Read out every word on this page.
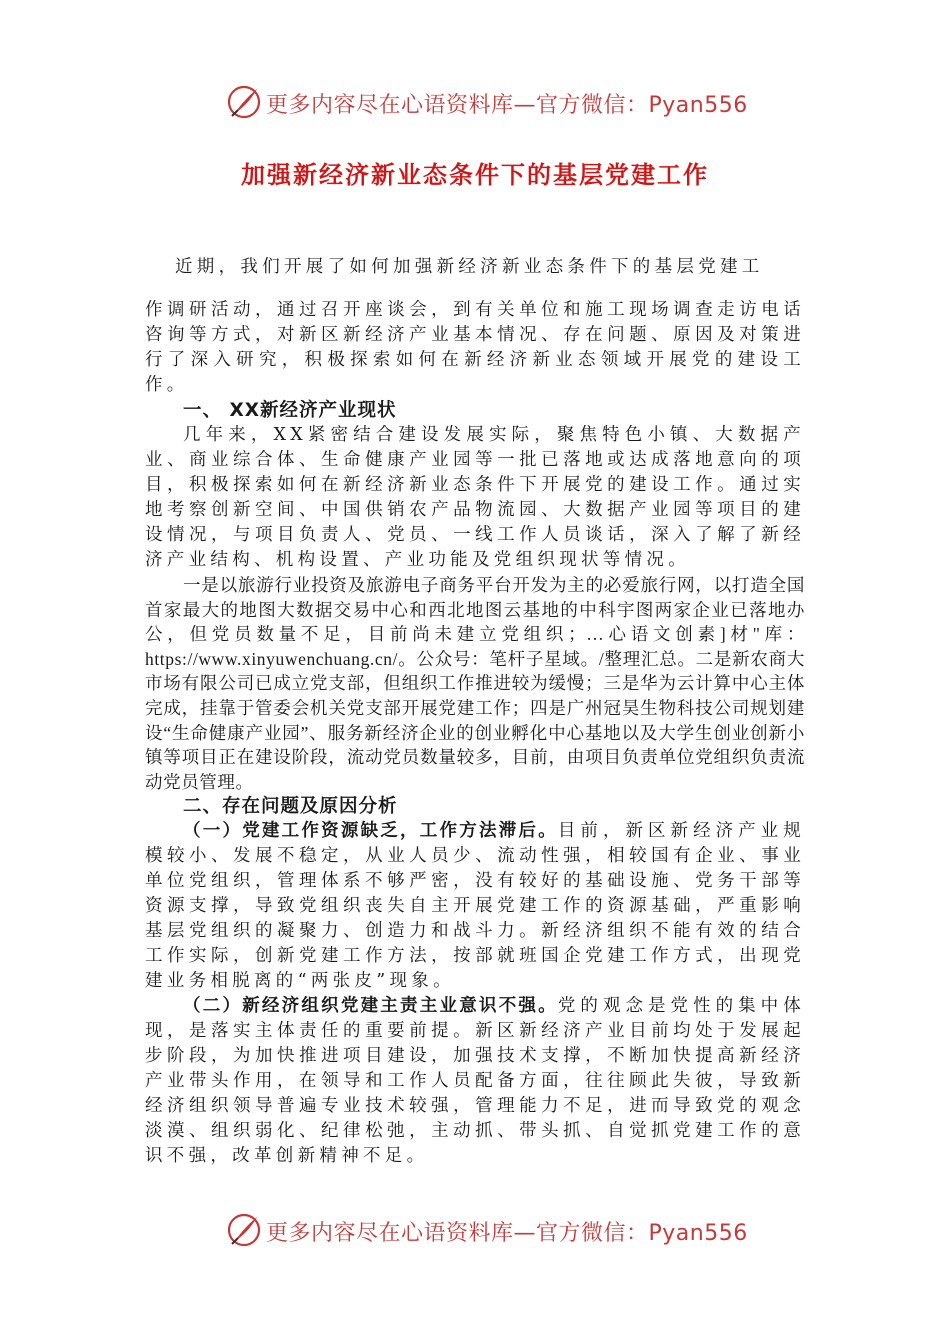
更多内容尽在心语资料库—官方微信：Pyan556
加强新经济新业态条件下的基层党建工作

近期，我们开展了如何加强新经济新业态条件下的基层党建工

作调研活动，通过召开座谈会，到有关单位和施工现场调查走访电话咨询等方式，对新区新经济产业基本情况、存在问题、原因及对策进行了深入研究，积极探索如何在新经济新业态领域开展党的建设工作。

一、 XX新经济产业现状

几年来，XX紧密结合建设发展实际，聚焦特色小镇、大数据产业、商业综合体、生命健康产业园等一批已落地或达成落地意向的项目，积极探索如何在新经济新业态条件下开展党的建设工作。通过实地考察创新空间、中国供销农产品物流园、大数据产业园等项目的建设情况，与项目负责人、党员、一线工作人员谈话，深入了解了新经济产业结构、机构设置、产业功能及党组织现状等情况。

一是以旅游行业投资及旅游电子商务平台开发为主的必爱旅行网，以打造全国首家最大的地图大数据交易中心和西北地图云基地的中科宇图两家企业已落地办公，但党员数量不足，目前尚未建立党组织；…心语文创素]材"库：https://www.xinyuwenchuang.cn/。公众号：笔杆子星域。/整理汇总。二是新农商大市场有限公司已成立党支部，但组织工作推进较为缓慢；三是华为云计算中心主体完成，挂靠于管委会机关党支部开展党建工作；四是广州冠昊生物科技公司规划建设“生命健康产业园”、服务新经济企业的创业孵化中心基地以及大学生创业创新小镇等项目正在建设阶段，流动党员数量较多，目前，由项目负责单位党组织负责流动党员管理。

二、存在问题及原因分析

（一）党建工作资源缺乏，工作方法滞后。目前，新区新经济产业规模较小、发展不稳定，从业人员少、流动性强，相较国有企业、事业单位党组织，管理体系不够严密，没有较好的基础设施、党务干部等资源支撑，导致党组织丧失自主开展党建工作的资源基础，严重影响基层党组织的凝聚力、创造力和战斗力。新经济组织不能有效的结合工作实际，创新党建工作方法，按部就班国企党建工作方式，出现党建业务相脱离的“两张皮”现象。

（二）新经济组织党建主责主业意识不强。党的观念是党性的集中体现，是落实主体责任的重要前提。新区新经济产业目前均处于发展起步阶段，为加快推进项目建设，加强技术支撑，不断加快提高新经济产业带头作用，在领导和工作人员配备方面，往往顾此失彼，导致新经济组织领导普遍专业技术较强，管理能力不足，进而导致党的观念淡漠、组织弱化、纪律松弛，主动抓、带头抓、自觉抓党建工作的意识不强，改革创新精神不足。

更多内容尽在心语资料库—官方微信：Pyan556
